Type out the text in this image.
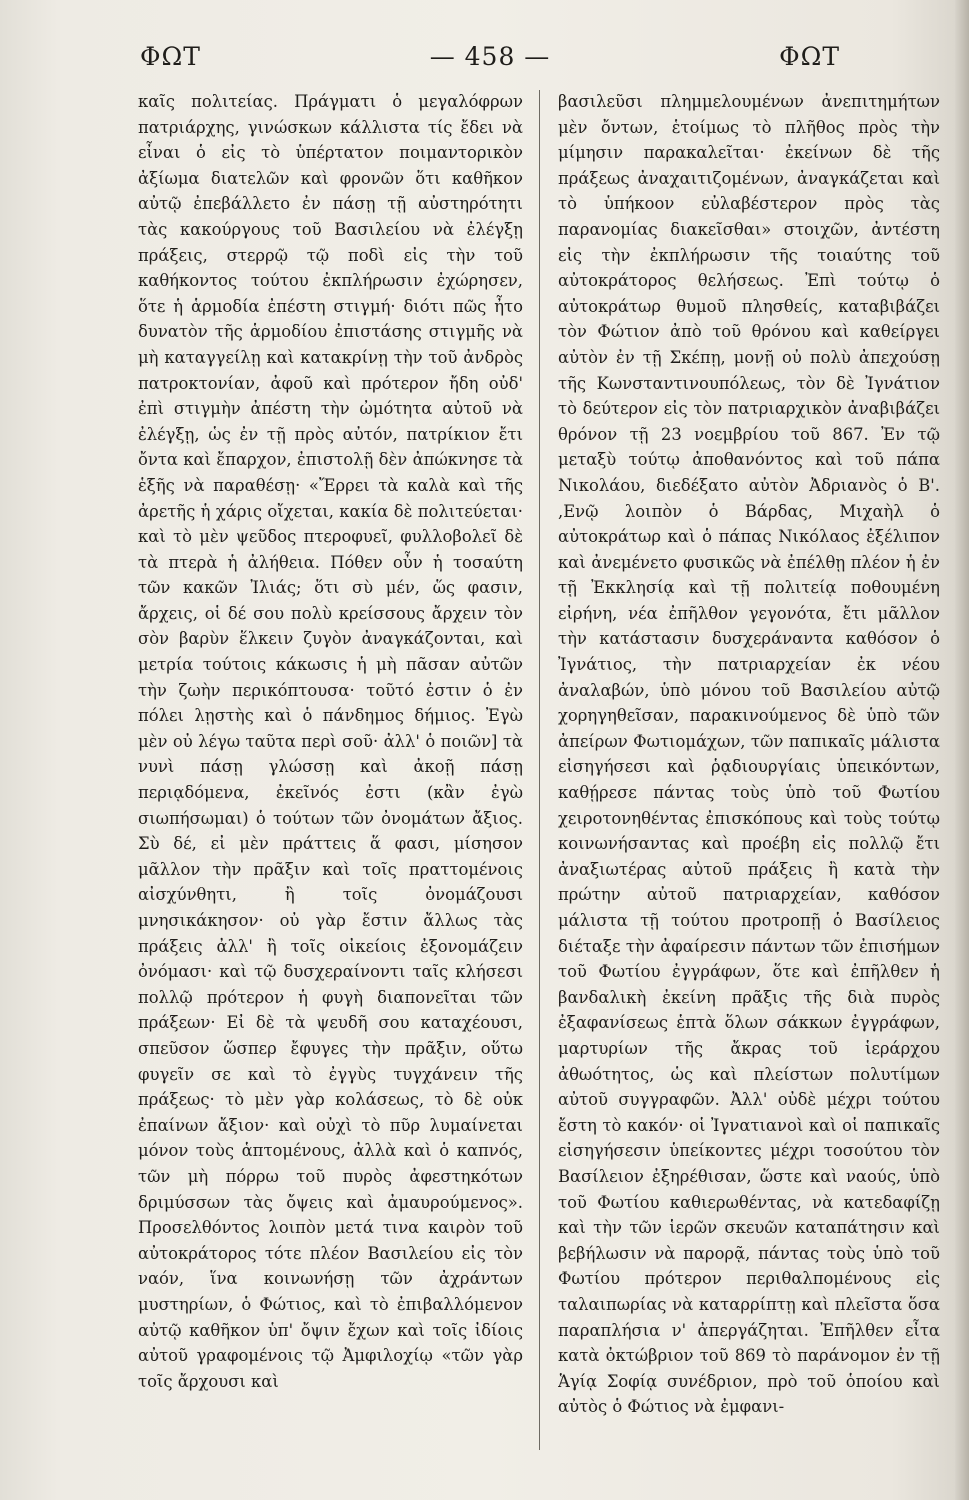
ΦΩΤ	— 458 —	ΦΩΤ

καῖς πολιτείας. Πράγματι ὁ μεγαλόφρων πατριάρχης, γινώσκων κάλλιστα τίς ἔδει νὰ εἶναι ὁ εἰς τὸ ὑπέρτατον ποιμαντορικὸν ἀξίωμα διατελῶν καὶ φρονῶν ὅτι καθῆκον αὐτῷ ἐπεβάλλετο ἐν πάσῃ τῇ αὐστηρότητι τὰς κακούργους τοῦ Βασιλείου νὰ ἐλέγξῃ πράξεις, στερρῷ τῷ ποδὶ εἰς τὴν τοῦ καθήκοντος τούτου ἐκπλήρωσιν ἐχώρησεν, ὅτε ἡ ἁρμοδία ἐπέστη στιγμή· διότι πῶς ἦτο δυνατὸν τῆς ἁρμοδίου ἐπιστάσης στιγμῆς νὰ μὴ καταγγείλῃ καὶ κατακρίνῃ τὴν τοῦ ἀνδρὸς πατροκτονίαν, ἀφοῦ καὶ πρότερον ἤδη οὐδ' ἐπὶ στιγμὴν ἀπέστη τὴν ὠμότητα αὐτοῦ νὰ ἐλέγξῃ, ὡς ἐν τῇ πρὸς αὐτόν, πατρίκιον ἔτι ὄντα καὶ ἔπαρχον, ἐπιστολῇ δὲν ἀπώκνησε τὰ ἑξῆς νὰ παραθέσῃ· «Ἔρρει τὰ καλὰ καὶ τῆς ἀρετῆς ἡ χάρις οἴχεται, κακία δὲ πολιτεύεται· καὶ τὸ μὲν ψεῦδος πτεροφυεῖ, φυλλοβολεῖ δὲ τὰ πτερὰ ἡ ἀλήθεια. Πόθεν οὖν ἡ τοσαύτη τῶν κακῶν Ἰλιάς; ὅτι σὺ μέν, ὥς φασιν, ἄρχεις, οἱ δέ σου πολὺ κρείσσους ἄρχειν τὸν σὸν βαρὺν ἕλκειν ζυγὸν ἀναγκάζονται, καὶ μετρία τούτοις κάκωσις ἡ μὴ πᾶσαν αὐτῶν τὴν ζωὴν περικόπτουσα· τοῦτό ἐστιν ὁ ἐν πόλει λῃστὴς καὶ ὁ πάνδημος δήμιος. Ἐγὼ μὲν οὐ λέγω ταῦτα περὶ σοῦ· ἀλλ' ὁ ποιῶν] τὰ νυνὶ πάσῃ γλώσσῃ καὶ ἀκοῇ πάσῃ περιᾳδόμενα, ἐκεῖνός ἐστι (κἂν ἐγὼ σιωπήσωμαι) ὁ τούτων τῶν ὀνομάτων ἄξιος. Σὺ δέ, εἰ μὲν πράττεις ἅ φασι, μίσησον μᾶλλον τὴν πρᾶξιν καὶ τοῖς πραττομένοις αἰσχύνθητι, ἢ τοῖς ὀνομάζουσι μνησικάκησον· οὐ γὰρ ἔστιν ἄλλως τὰς πράξεις ἀλλ' ἢ τοῖς οἰκείοις ἐξονομάζειν ὀνόμασι· καὶ τῷ δυσχεραίνοντι ταῖς κλήσεσι πολλῷ πρότερον ἡ φυγὴ διαπονεῖται τῶν πράξεων· Εἰ δὲ τὰ ψευδῆ σου καταχέουσι, σπεῦσον ὥσπερ ἔφυγες τὴν πρᾶξιν, οὕτω φυγεῖν σε καὶ τὸ ἐγγὺς τυγχάνειν τῆς πράξεως· τὸ μὲν γὰρ κολάσεως, τὸ δὲ οὐκ ἐπαίνων ἄξιον· καὶ οὐχὶ τὸ πῦρ λυμαίνεται μόνον τοὺς ἁπτομένους, ἀλλὰ καὶ ὁ καπνός, τῶν μὴ πόρρω τοῦ πυρὸς ἀφεστηκότων δριμύσσων τὰς ὄψεις καὶ ἀμαυρούμενος». Προσελθόντος λοιπὸν μετά τινα καιρὸν τοῦ αὐτοκράτορος τότε πλέον Βασιλείου εἰς τὸν ναόν, ἵνα κοινωνήσῃ τῶν ἀχράντων μυστηρίων, ὁ Φώτιος, καὶ τὸ ἐπιβαλλόμενον αὐτῷ καθῆκον ὑπ' ὄψιν ἔχων καὶ τοῖς ἰδίοις αὐτοῦ γραφομένοις τῷ Ἀμφιλοχίῳ «τῶν γὰρ τοῖς ἄρχουσι καὶ

βασιλεῦσι πλημμελουμένων ἀνεπιτημήτων μὲν ὄντων, ἑτοίμως τὸ πλῆθος πρὸς τὴν μίμησιν παρακαλεῖται· ἐκείνων δὲ τῆς πράξεως ἀναχαιτιζομένων, ἀναγκάζεται καὶ τὸ ὑπήκοον εὐλαβέστερον πρὸς τὰς παρανομίας διακεῖσθαι» στοιχῶν, ἀντέστη εἰς τὴν ἐκπλήρωσιν τῆς τοιαύτης τοῦ αὐτοκράτορος θελήσεως. Ἐπὶ τούτῳ ὁ αὐτοκράτωρ θυμοῦ πλησθείς, καταβιβάζει τὸν Φώτιον ἀπὸ τοῦ θρόνου καὶ καθείργει αὐτὸν ἐν τῇ Σκέπῃ, μονῇ οὐ πολὺ ἀπεχούσῃ τῆς Κωνσταντινουπόλεως, τὸν δὲ Ἰγνάτιον τὸ δεύτερον εἰς τὸν πατριαρχικὸν ἀναβιβάζει θρόνον τῇ 23 νοεμβρίου τοῦ 867. Ἐν τῷ μεταξὺ τούτῳ ἀποθανόντος καὶ τοῦ πάπα Νικολάου, διεδέξατο αὐτὸν Ἀδριανὸς ὁ Β'. ,Ενῷ λοιπὸν ὁ Βάρδας, Μιχαὴλ ὁ αὐτοκράτωρ καὶ ὁ πάπας Νικόλαος ἐξέλιπον καὶ ἀνεμένετο φυσικῶς νὰ ἐπέλθῃ πλέον ἡ ἐν τῇ Ἐκκλησίᾳ καὶ τῇ πολιτείᾳ ποθουμένη εἰρήνη, νέα ἐπῆλθον γεγονότα, ἔτι μᾶλλον τὴν κατάστασιν δυσχεράναντα καθόσον ὁ Ἰγνάτιος, τὴν πατριαρχείαν ἐκ νέου ἀναλαβών, ὑπὸ μόνου τοῦ Βασιλείου αὐτῷ χορηγηθεῖσαν, παρακινούμενος δὲ ὑπὸ τῶν ἀπείρων Φωτιομάχων, τῶν παπικαῖς μάλιστα εἰσηγήσεσι καὶ ῥᾳδιουργίαις ὑπεικόντων, καθῄρεσε πάντας τοὺς ὑπὸ τοῦ Φωτίου χειροτονηθέντας ἐπισκόπους καὶ τοὺς τούτῳ κοινωνήσαντας καὶ προέβη εἰς πολλῷ ἔτι ἀναξιωτέρας αὐτοῦ πράξεις ἢ κατὰ τὴν πρώτην αὐτοῦ πατριαρχείαν, καθόσον μάλιστα τῇ τούτου προτροπῇ ὁ Βασίλειος διέταξε τὴν ἀφαίρεσιν πάντων τῶν ἐπισήμων τοῦ Φωτίου ἐγγράφων, ὅτε καὶ ἐπῆλθεν ἡ βανδαλικὴ ἐκείνη πρᾶξις τῆς διὰ πυρὸς ἐξαφανίσεως ἑπτὰ ὅλων σάκκων ἐγγράφων, μαρτυρίων τῆς ἄκρας τοῦ ἱεράρχου ἀθωότητος, ὡς καὶ πλείστων πολυτίμων αὐτοῦ συγγραφῶν. Ἀλλ' οὐδὲ μέχρι τούτου ἔστη τὸ κακόν· οἱ Ἰγνατιανοὶ καὶ οἱ παπικαῖς εἰσηγήσεσιν ὑπείκοντες μέχρι τοσούτου τὸν Βασίλειον ἐξηρέθισαν, ὥστε καὶ ναούς, ὑπὸ τοῦ Φωτίου καθιερωθέντας, νὰ κατεδαφίζῃ καὶ τὴν τῶν ἱερῶν σκευῶν καταπάτησιν καὶ βεβήλωσιν νὰ παρορᾷ, πάντας τοὺς ὑπὸ τοῦ Φωτίου πρότερον περιθαλπομένους εἰς ταλαιπωρίας νὰ καταρρίπτῃ καὶ πλεῖστα ὅσα παραπλήσια ν' ἀπεργάζηται. Ἐπῆλθεν εἶτα κατὰ ὀκτώβριον τοῦ 869 τὸ παράνομον ἐν τῇ Ἁγίᾳ Σοφίᾳ συνέδριον, πρὸ τοῦ ὁποίου καὶ αὐτὸς ὁ Φώτιος νὰ ἐμφανι-
